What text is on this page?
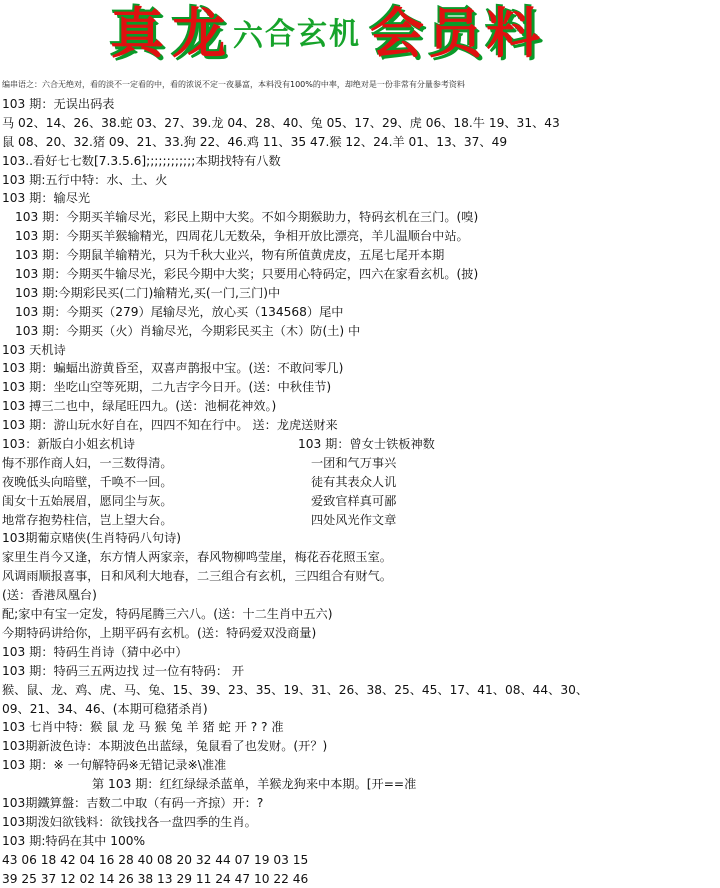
真 龙 六 合 玄 机 会 员 料
编串语之：六合无绝对，看的淡不一定看的中，看的浓说不定一夜暴富，本料没有100%的中率，却绝对是一份非常有分量参考资料
103 期：无误出码表
马 02、14、26、38.蛇 03、27、39.龙 04、28、40、兔 05、17、29、虎 06、18.牛 19、31、43
鼠 08、20、32.猪 09、21、33.狗 22、46.鸡 11、35 47.猴 12、24.羊 01、13、37、49
103..看好七七数[7.3.5.6];;;;;;;;;;;;本期找特有八数
103 期:五行中特：水、土、火
103 期：输尽光
103 期：今期买羊输尽光，彩民上期中大奖。不如今期猴助力，特码玄机在三门。(嗅)
103 期：今期买羊猴输精光，四周花儿无数朵，争相开放比漂亮，羊儿温顺台中站。
103 期：今期鼠羊输精光，只为千秋大业兴，物有所值黄虎皮，五尾七尾开本期
103 期：今期买牛输尽光，彩民今期中大奖；只要用心特码定，四六在家看玄机。(披)
103 期:今期彩民买(二门)输精光,买(一门,三门)中
103 期：今期买（279）尾输尽光，放心买（134568）尾中
103 期：今期买（火）肖输尽光，今期彩民买主（木）防(土) 中
103 天机诗
103 期：蝙蝠出游黄昏至，双喜声鹊报中宝。(送：不敢问零几)
103 期：坐吃山空等死期，二九吉字今日开。(送：中秋佳节)
103 搏三二也中，绿尾旺四九。(送：池桐花神效。)
103 期：游山玩水好自在，四四不知在行中。 送：龙虎送财来
103：新版白小姐玄机诗
悔不那作商人妇，一三数得清。
夜晚低头向暗壁，千唤不一回。
闺女十五始展眉，愿同尘与灰。
地常存抱势柱信，岂上望大台。
103 期：曾女士铁板神数
一团和气万事兴
徒有其表众人讥
爱致官样真可鄙
四处风光作文章
103期葡京赌侠(生肖特码八句诗)
家里生肖今又逢，东方情人两家亲，春风物柳鸣莹崖，梅花吞花照玉室。
风调雨顺报喜事，日和风利大地春，二三组合有玄机，三四组合有财气。
(送：香港凤凰台)
配;家中有宝一定发，特码尾腾三六八。(送：十二生肖中五六)
今期特码讲给你，上期平码有玄机。(送：特码爱双没商量)
103 期：特码生肖诗（猜中必中）
103 期：特码三五两边找 过一位有特码： 开
猴、鼠、龙、鸡、虎、马、兔、15、39、23、35、19、31、26、38、25、45、17、41、08、44、30、
09、21、34、46、(本期可稳猪杀肖)
103 七肖中特：猴 鼠 龙 马 猴 兔 羊 猪 蛇 开 ? ? 准
103期新波色诗：本期波色出蓝绿，兔鼠看了也发财。(开？)
103 期：※ 一句解特码※无错记录※\准准
第 103 期：红红绿绿杀蓝单，羊猴龙狗来中本期。[开==准
103期鐵算盤：吉数二中取（有码一齐掠）开：?
103期泼妇欲钱料：欲钱找各一盘四季的生肖。
103 期:特码在其中 100%
43 06 18 42 04 16 28 40 08 20 32 44 07 19 03 15
39 25 37 12 02 14 26 38 13 29 11 24 47 10 22 46
